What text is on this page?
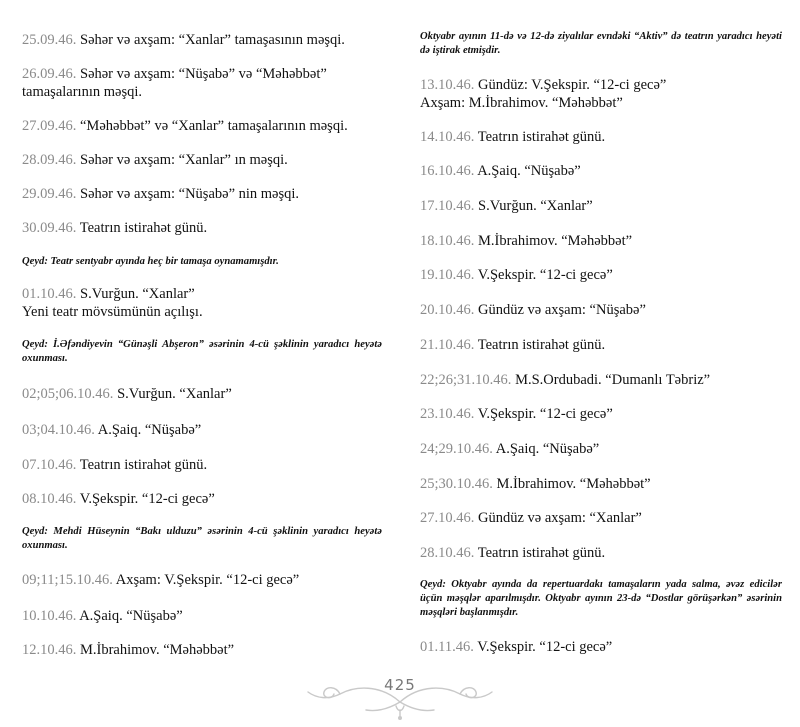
25.09.46. Səhər və axşam: “Xanlar” tamaşasının məşqi.
26.09.46. Səhər və axşam: “Nüşabə” və “Məhəbbət”
tamaşalarının məşqi.
27.09.46. “Məhəbbət” və “Xanlar” tamaşalarının məşqi.
28.09.46. Səhər və axşam: “Xanlar” ın məşqi.
29.09.46. Səhər və axşam: “Nüşabə” nin məşqi.
30.09.46. Teatrın istirahət günü.
Qeyd: Teatr sentyabr ayında heç bir tamaşa oynamamışdır.
01.10.46. S.Vurğun. “Xanlar”
Yeni teatr mövsümünün açılışı.
Qeyd: İ.Əfəndiyevin “Günəşli Abşeron” əsərinin 4-cü şəklinin yaradıcı heyətə oxunması.
02;05;06.10.46. S.Vurğun. “Xanlar”
03;04.10.46. A.Şaiq. “Nüşabə”
07.10.46. Teatrın istirahət günü.
08.10.46. V.Şekspir. “12-ci gecə”
Qeyd: Mehdi Hüseynin “Bakı ulduzu” əsərinin 4-cü şəklinin yaradıcı heyətə oxunması.
09;11;15.10.46. Axşam: V.Şekspir. “12-ci gecə”
10.10.46. A.Şaiq. “Nüşabə”
12.10.46. M.İbrahimov. “Məhəbbət”
Oktyabr ayının 11-də və 12-də ziyalılar evndəki “Aktiv” də teatrın yaradıcı heyəti də iştirak etmişdir.
13.10.46. Gündüz: V.Şekspir. “12-ci gecə”
Axşam: M.İbrahimov. “Məhəbbət”
14.10.46. Teatrın istirahət günü.
16.10.46. A.Şaiq. “Nüşabə”
17.10.46. S.Vurğun. “Xanlar”
18.10.46. M.İbrahimov. “Məhəbbət”
19.10.46. V.Şekspir. “12-ci gecə”
20.10.46. Gündüz və axşam: “Nüşabə”
21.10.46. Teatrın istirahət günü.
22;26;31.10.46. M.S.Ordubadi. “Dumanlı Təbriz”
23.10.46. V.Şekspir. “12-ci gecə”
24;29.10.46. A.Şaiq. “Nüşabə”
25;30.10.46. M.İbrahimov. “Məhəbbət”
27.10.46. Gündüz və axşam: “Xanlar”
28.10.46. Teatrın istirahət günü.
Qeyd: Oktyabr ayında da repertuardakı tamaşaların yada salma, əvəz edicilər üçün məşqlər aparılmışdır. Oktyabr ayının 23-də “Dostlar görüşərkən” əsərinin məşqləri başlanmışdır.
01.11.46. V.Şekspir. “12-ci gecə”
425
